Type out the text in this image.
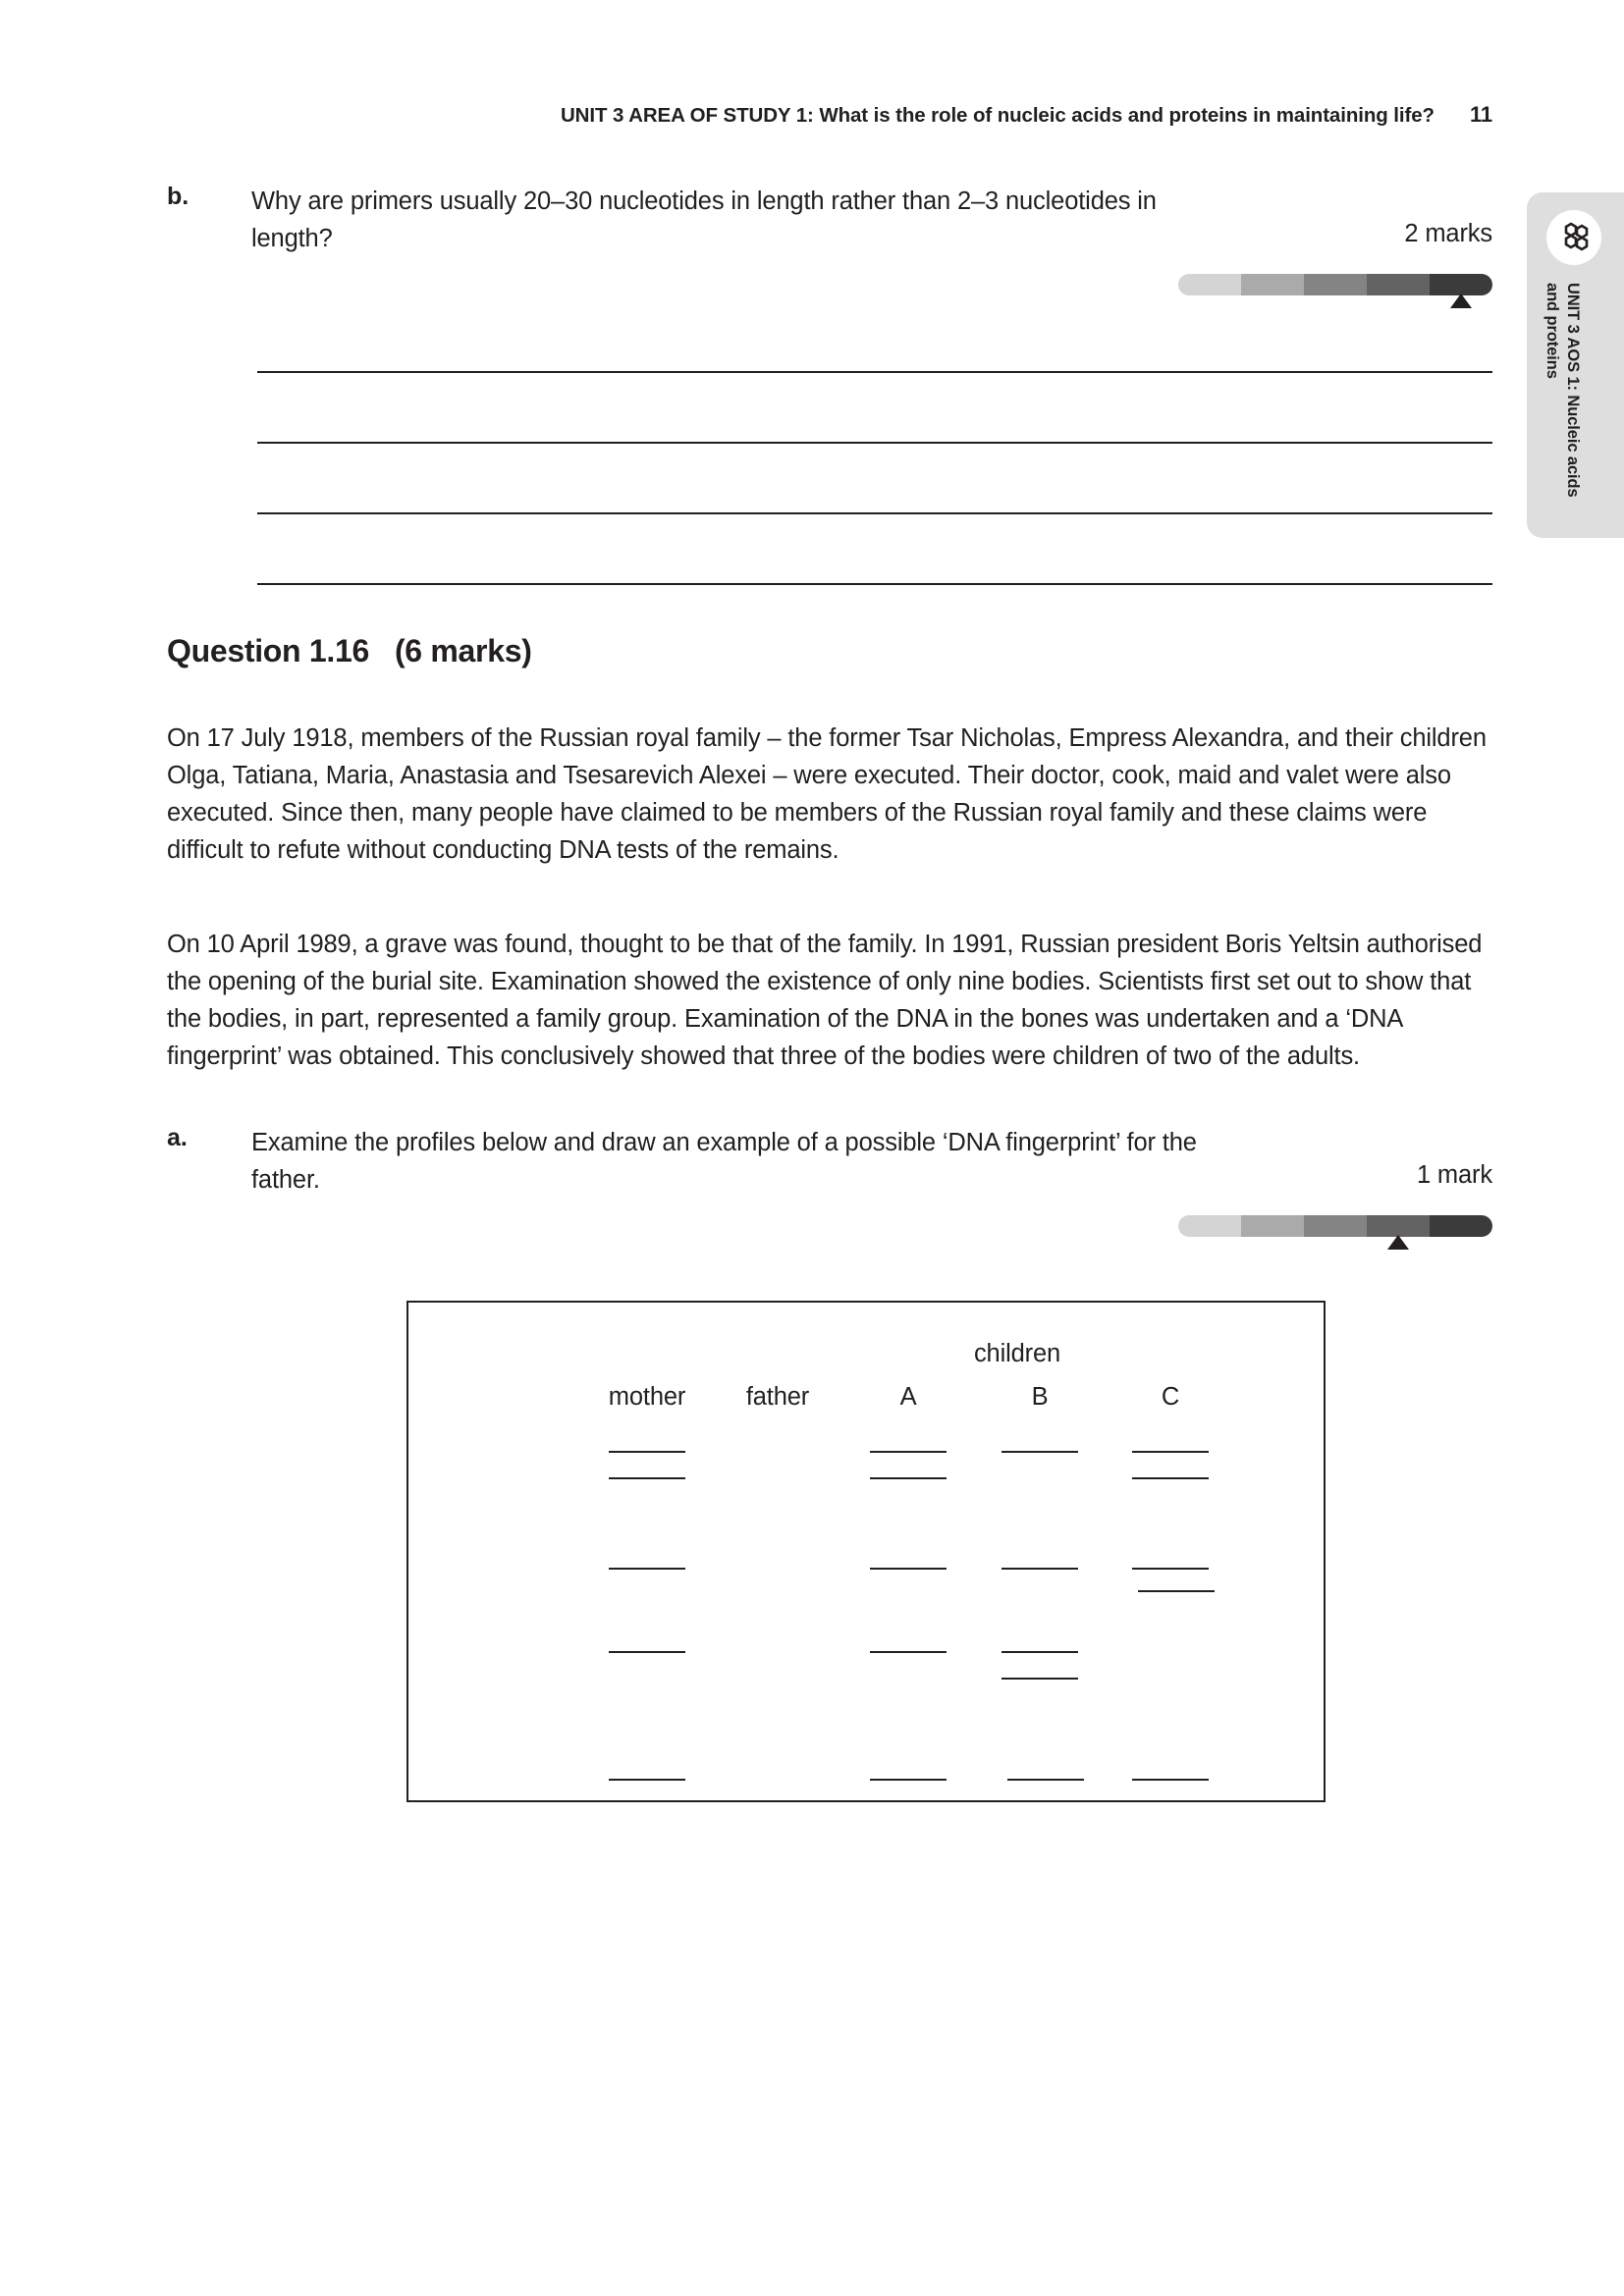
UNIT 3 AREA OF STUDY 1: What is the role of nucleic acids and proteins in maintaining life? 11
UNIT 3 AOS 1: Nucleic acids and proteins
b.	Why are primers usually 20–30 nucleotides in length rather than 2–3 nucleotides in length?	2 marks
Question 1.16 (6 marks)
On 17 July 1918, members of the Russian royal family – the former Tsar Nicholas, Empress Alexandra, and their children Olga, Tatiana, Maria, Anastasia and Tsesarevich Alexei – were executed. Their doctor, cook, maid and valet were also executed. Since then, many people have claimed to be members of the Russian royal family and these claims were difficult to refute without conducting DNA tests of the remains.
On 10 April 1989, a grave was found, thought to be that of the family. In 1991, Russian president Boris Yeltsin authorised the opening of the burial site. Examination showed the existence of only nine bodies. Scientists first set out to show that the bodies, in part, represented a family group. Examination of the DNA in the bones was undertaken and a ‘DNA fingerprint’ was obtained. This conclusively showed that three of the bodies were children of two of the adults.
a.	Examine the profiles below and draw an example of a possible ‘DNA fingerprint’ for the father.	1 mark
children
mother	father	A	B	C
